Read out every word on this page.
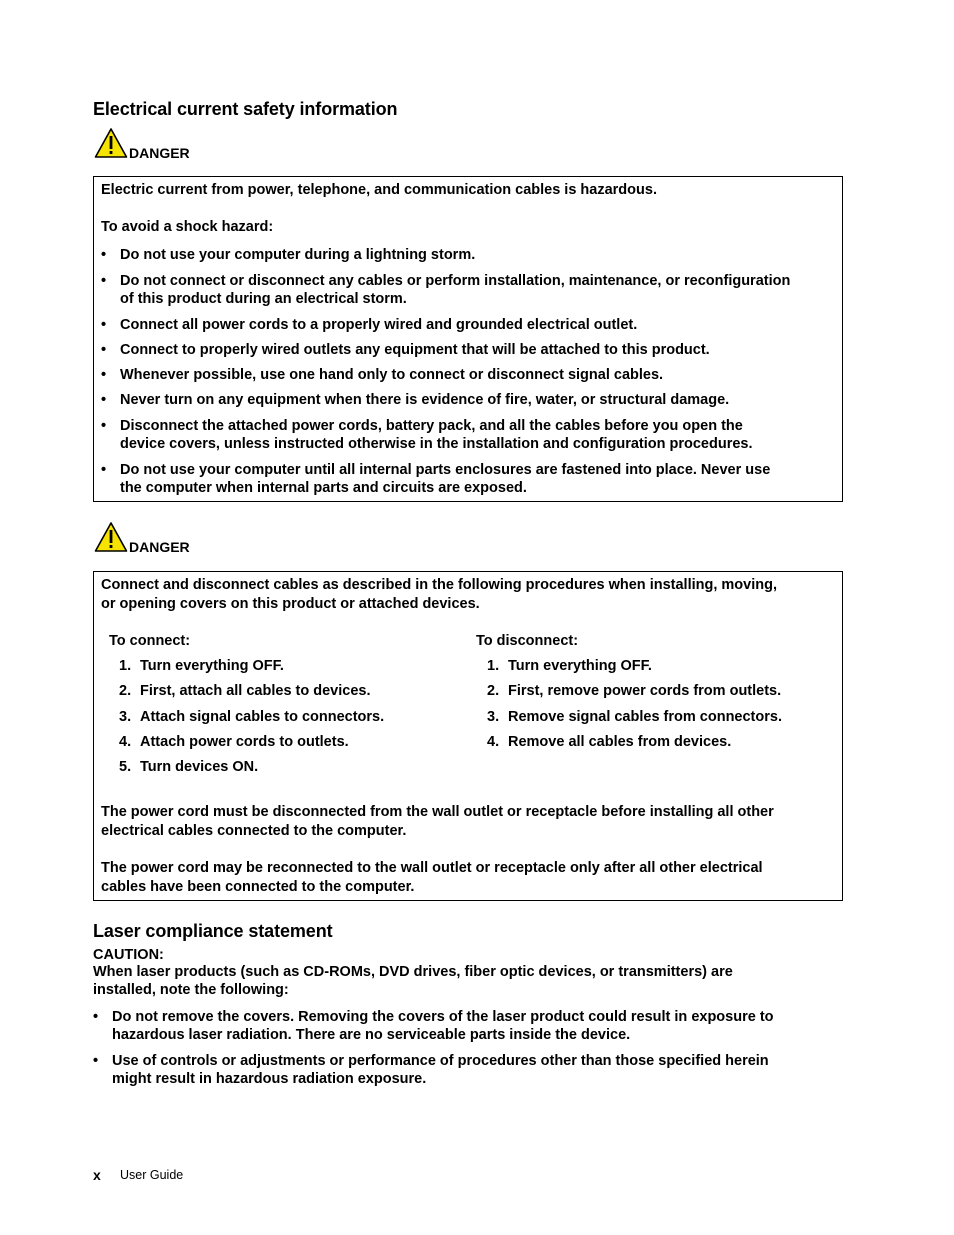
Electrical current safety information
DANGER
Electric current from power, telephone, and communication cables is hazardous.
To avoid a shock hazard:
• Do not use your computer during a lightning storm.
• Do not connect or disconnect any cables or perform installation, maintenance, or reconfiguration
of this product during an electrical storm.
• Connect all power cords to a properly wired and grounded electrical outlet.
• Connect to properly wired outlets any equipment that will be attached to this product.
• Whenever possible, use one hand only to connect or disconnect signal cables.
• Never turn on any equipment when there is evidence of fire, water, or structural damage.
• Disconnect the attached power cords, battery pack, and all the cables before you open the
device covers, unless instructed otherwise in the installation and configuration procedures.
• Do not use your computer until all internal parts enclosures are fastened into place. Never use
the computer when internal parts and circuits are exposed.
DANGER
Connect and disconnect cables as described in the following procedures when installing, moving,
or opening covers on this product or attached devices.
To connect:
1. Turn everything OFF.
2. First, attach all cables to devices.
3. Attach signal cables to connectors.
4. Attach power cords to outlets.
5. Turn devices ON.
To disconnect:
1. Turn everything OFF.
2. First, remove power cords from outlets.
3. Remove signal cables from connectors.
4. Remove all cables from devices.
The power cord must be disconnected from the wall outlet or receptacle before installing all other
electrical cables connected to the computer.
The power cord may be reconnected to the wall outlet or receptacle only after all other electrical
cables have been connected to the computer.
Laser compliance statement
CAUTION:
When laser products (such as CD-ROMs, DVD drives, fiber optic devices, or transmitters) are
installed, note the following:
• Do not remove the covers. Removing the covers of the laser product could result in exposure to
hazardous laser radiation. There are no serviceable parts inside the device.
• Use of controls or adjustments or performance of procedures other than those specified herein
might result in hazardous radiation exposure.
x User Guide
